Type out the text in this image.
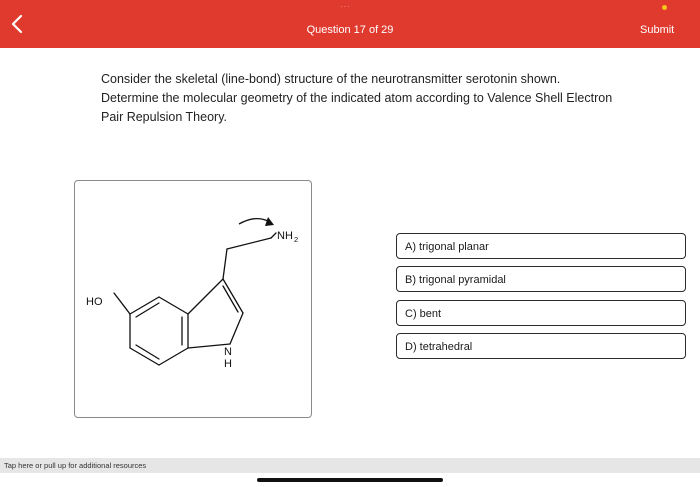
···
Question 17 of 29	Submit
Consider the skeletal (line-bond) structure of the neurotransmitter serotonin shown. Determine the molecular geometry of the indicated atom according to Valence Shell Electron Pair Repulsion Theory.
HO
NH 2
N
H
A) trigonal planar
B) trigonal pyramidal
C) bent
D) tetrahedral
Tap here or pull up for additional resources
